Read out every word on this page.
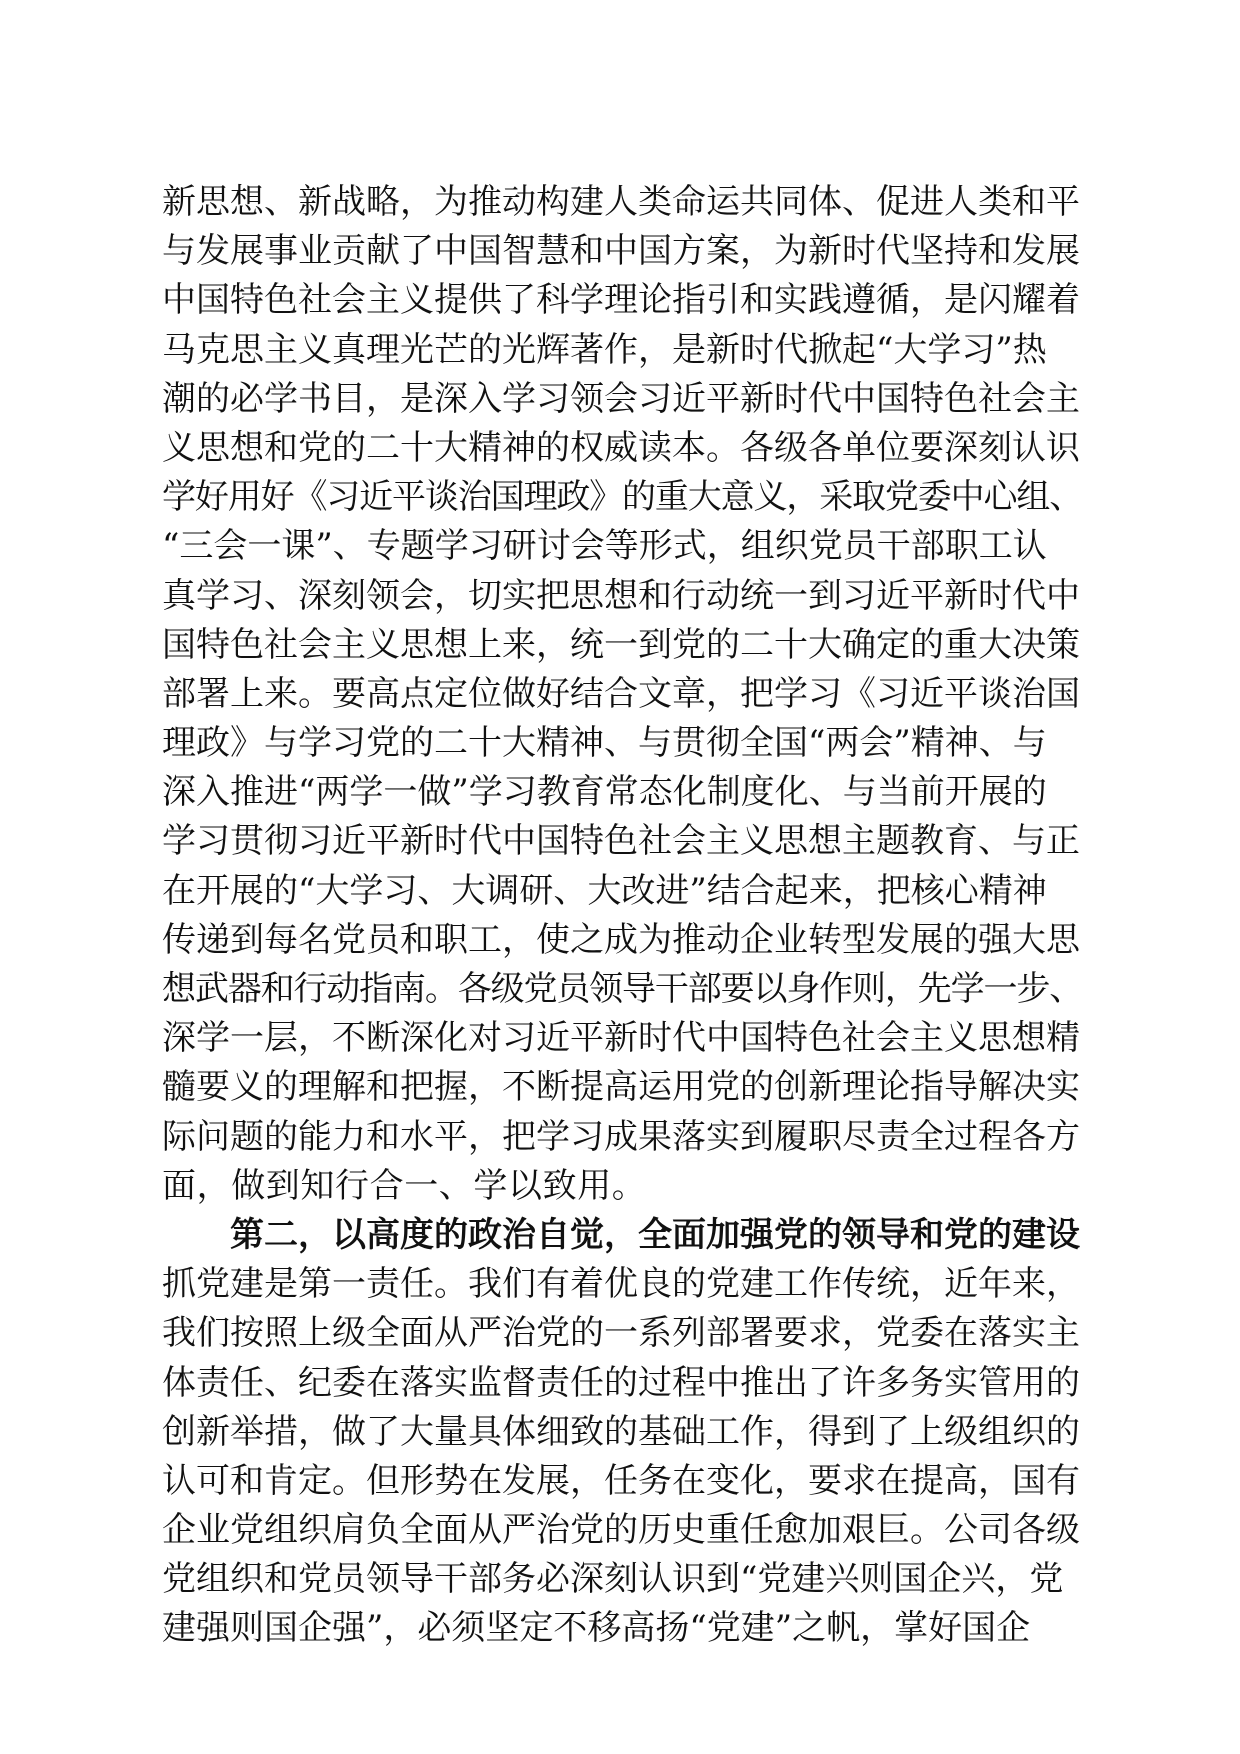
新思想、新战略，为推动构建人类命运共同体、促进人类和平
与发展事业贡献了中国智慧和中国方案，为新时代坚持和发展
中国特色社会主义提供了科学理论指引和实践遵循，是闪耀着
马克思主义真理光芒的光辉著作，是新时代掀起“大学习”热
潮的必学书目，是深入学习领会习近平新时代中国特色社会主
义思想和党的二十大精神的权威读本。各级各单位要深刻认识
学好用好《习近平谈治国理政》的重大意义，采取党委中心组、
“三会一课”、专题学习研讨会等形式，组织党员干部职工认
真学习、深刻领会，切实把思想和行动统一到习近平新时代中
国特色社会主义思想上来，统一到党的二十大确定的重大决策
部署上来。要高点定位做好结合文章，把学习《习近平谈治国
理政》与学习党的二十大精神、与贯彻全国“两会”精神、与
深入推进“两学一做”学习教育常态化制度化、与当前开展的
学习贯彻习近平新时代中国特色社会主义思想主题教育、与正
在开展的“大学习、大调研、大改进”结合起来，把核心精神
传递到每名党员和职工，使之成为推动企业转型发展的强大思
想武器和行动指南。各级党员领导干部要以身作则，先学一步、
深学一层，不断深化对习近平新时代中国特色社会主义思想精
髓要义的理解和把握，不断提高运用党的创新理论指导解决实
际问题的能力和水平，把学习成果落实到履职尽责全过程各方
面，做到知行合一、学以致用。
　　第二，以高度的政治自觉，全面加强党的领导和党的建设
抓党建是第一责任。我们有着优良的党建工作传统，近年来，
我们按照上级全面从严治党的一系列部署要求，党委在落实主
体责任、纪委在落实监督责任的过程中推出了许多务实管用的
创新举措，做了大量具体细致的基础工作，得到了上级组织的
认可和肯定。但形势在发展，任务在变化，要求在提高，国有
企业党组织肩负全面从严治党的历史重任愈加艰巨。公司各级
党组织和党员领导干部务必深刻认识到“党建兴则国企兴，党
建强则国企强”，必须坚定不移高扬“党建”之帆，掌好国企
